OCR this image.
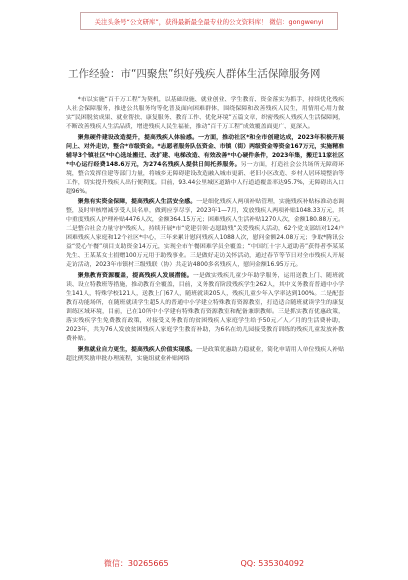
关注头条号“公文研库”，获得最新最全最专业的公文资料库！ 微信：gongwenyi
工作经验：市“四聚焦”织好残疾人群体生活保障服务网

*市以实施“百千万工程”为契机，以基础设施、就业创业、学生教育、资金落实为抓手，持续优化残疾人社会保障服务，推进公共服务均等化普及面向困难群体，围绕保障和改善残疾人民生，用情用心用力做实“民困脱贫成果、就业帮扶、康复服务、教育工作、优化环境”五篇文章，织密残疾人残疾人生活保障网，不断改善残疾人生活品质，增进残疾人民生福祉，推动“百千万工程”成效覆盖面更广、更深入。

聚焦硬件建设改造提升，提高残疾人体验感。一方面，推动社区*和全市创建达成，2023年积极开展问上、对外走访，整合*市级资金。*志愿者服务队伍资金、市镇（街）两级资金等资金167万元，实施精准辅导3个镇社区*中心选址搬迁、改扩建、电梯改造、有效改善*中心硬件条件，2023年集，搬迁11家社区*中心运行经费148.6万元，为274名残疾人提供日间托养服务。另一方面，打造社会公共场所无障碍环境，整合发挥住建等部门力量，将城乡无障碍建设改造融入城市更新、老旧小区改造、乡村人居环境整治等工作，切实提升残疾人出行便利度。目前，93.44公里城区道路中人行道道覆盖率达95.7%，无障碍出入口超96%。

聚焦有实资金保障，提高残疾人生活安全感。一是细化残疾人两项补贴管理，实施残疾补贴标准动态调整，及时审核增减享受人员名单，做到应享尽享，2023年1—7月，发放残疾人两项补贴1048.33万元，其中重度残疾人护理补贴4476人次，金额364.15万元；困难残疾人生活补贴1270人次，金额180.88万元。二是整合社会力量守护残疾人，持续开展*市“党建引领·志愿助残”关爱残疾人活动，62个党支部结对124户困难残疾人家庭和12个社区*中心，三年来累计慰问残疾人1088人次，慰问金额24.08万元；争取*腾讯公益“爱心午餐”项目支助资金14万元，实现全市午餐困难学员全覆盖；“中国红十字人道助善”获得者李某某先生、王某某女士捐赠100万元用于助残事业。三是做好走访关怀活动，通过春节等节日对全市残疾人开展走访活动，2023年市镇村三级残联（协）共走访4800多名残疾人，慰问金额16.95万元。

聚焦教育资源覆盖，提高残疾人发展潜能。一是做实残疾儿童少年助学服务，运用送教上门、随班就读、设立特教班等措施，推动教育全覆盖，目前，义务教育阶段残疾学生262人，其中义务教育普通中小学生141人，特殊学校121人，送教上门67人，随班就读205人，残疾儿童少年入学率达到100%。二是配套教育功能场所，在随班就读学生超5人的普通中小学建立特殊教育资源教室，打造适合随班就读学生的康复训练区域环境，目前，已在10所中小学建有特殊教育资源教室和配备兼职教师。三是抓实教育优惠政策，落实残疾学生免费教育政策，对接受义务教育的贫困残疾人家庭学生给予50元／人／月的生活费补助，2023年，共为76人发放贫困残疾人家庭学生教育补助，为6名在幼儿园接受教育训练的残疾儿童发放补教费补贴。

聚焦就业自力更生，提高残疾人价值实现感。一是政策优惠助力稳就业，简化申请用人单位残疾人补贴超比例奖励审批办理流程，实施组就业补贴网络

微信：30265665	QQ: 535304092
